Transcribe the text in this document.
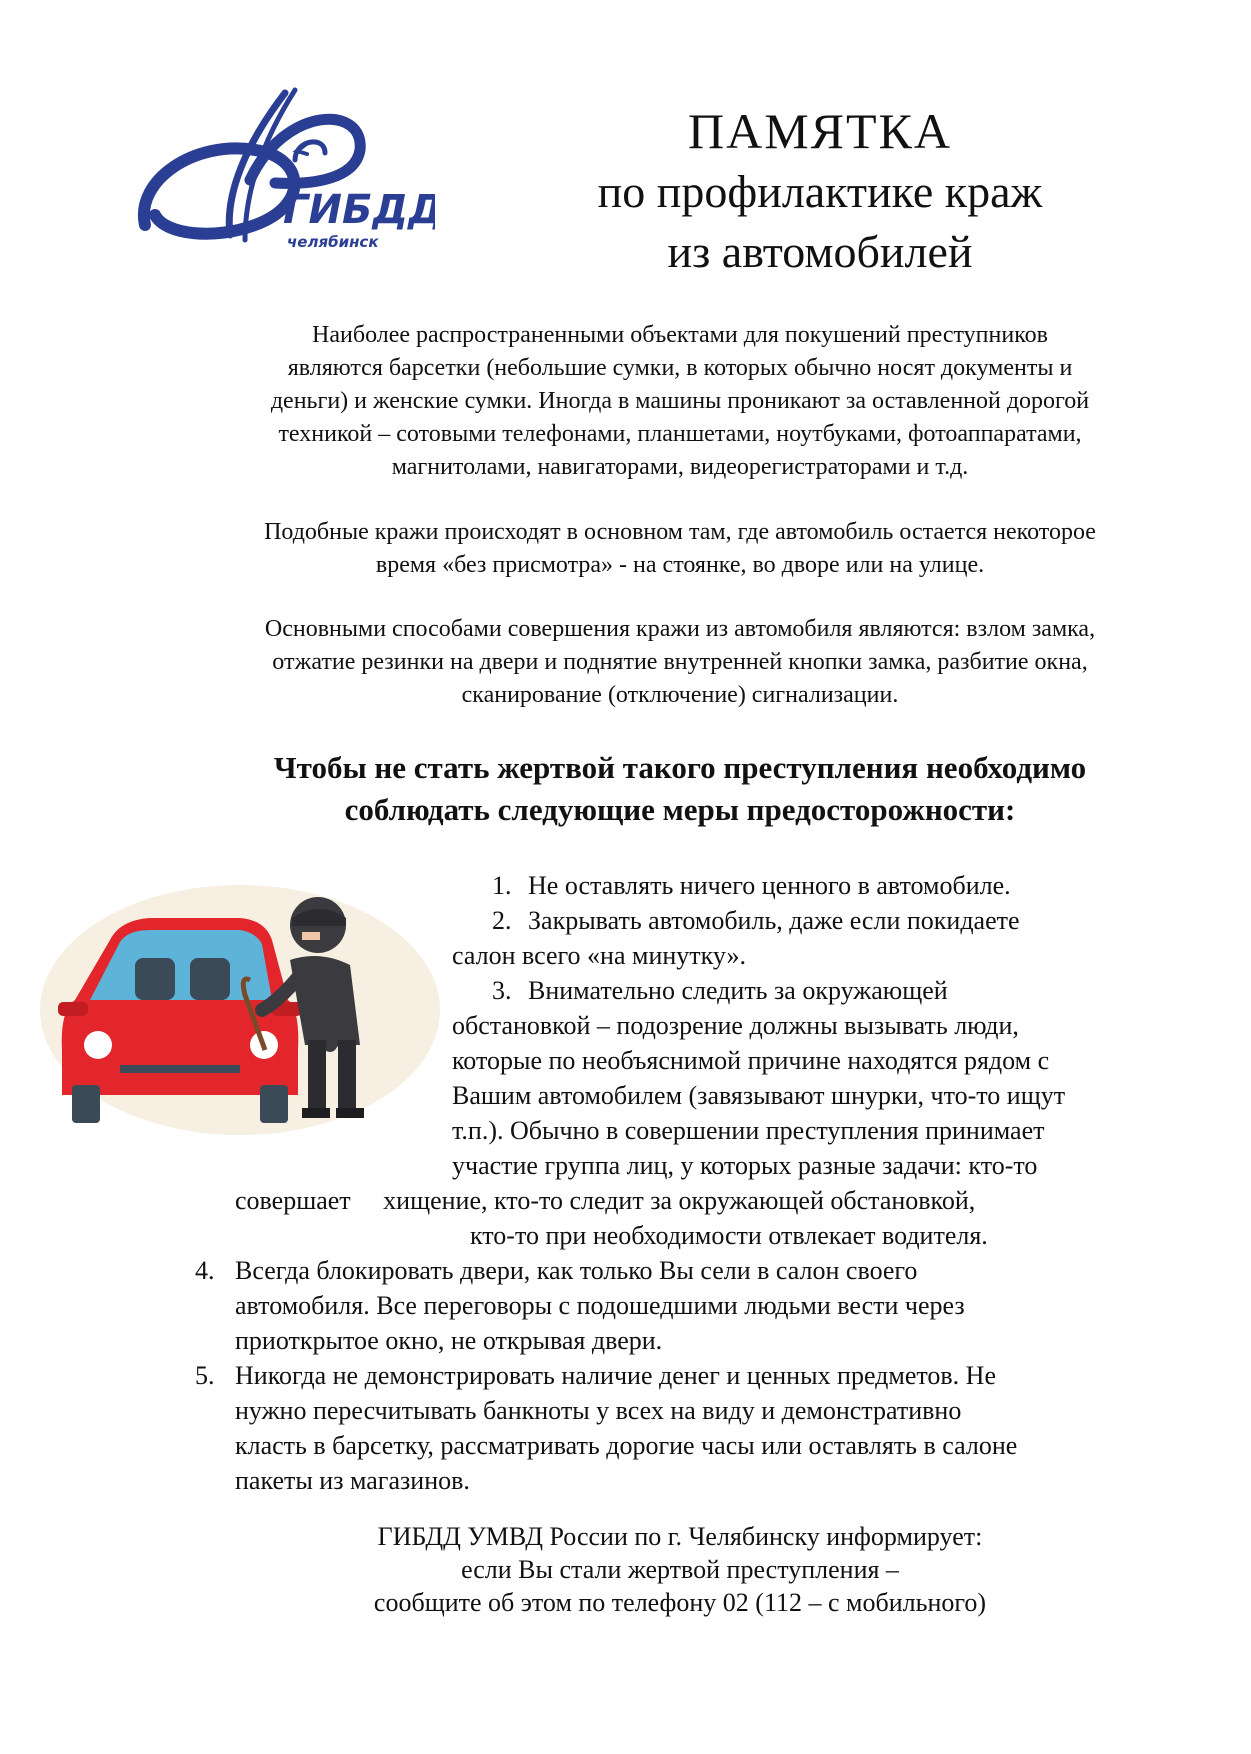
ГИБДД
челябинск
ПАМЯТКА
по профилактике краж
из автомобилей
Наиболее распространенными объектами для покушений преступников
являются барсетки (небольшие сумки, в которых обычно носят документы и
деньги) и женские сумки. Иногда в машины проникают за оставленной дорогой
техникой – сотовыми телефонами, планшетами, ноутбуками, фотоаппаратами,
магнитолами, навигаторами, видеорегистраторами и т.д.
Подобные кражи происходят в основном там, где автомобиль остается некоторое
время «без присмотра» - на стоянке, во дворе или на улице.
Основными способами совершения кражи из автомобиля являются: взлом замка,
отжатие резинки на двери и поднятие внутренней кнопки замка, разбитие окна,
сканирование (отключение) сигнализации.
Чтобы не стать жертвой такого преступления необходимо
соблюдать следующие меры предосторожности:
1. Не оставлять ничего ценного в автомобиле.
2. Закрывать автомобиль, даже если покидаете
салон всего «на минутку».
3. Внимательно следить за окружающей
обстановкой – подозрение должны вызывать люди,
которые по необъяснимой причине находятся рядом с
Вашим автомобилем (завязывают шнурки, что-то ищут
т.п.). Обычно в совершении преступления принимает
участие группа лиц, у которых разные задачи: кто-то
совершает     хищение, кто-то следит за окружающей обстановкой,
кто-то при необходимости отвлекает водителя.
4. Всегда блокировать двери, как только Вы сели в салон своего
автомобиля. Все переговоры с подошедшими людьми вести через
приоткрытое окно, не открывая двери.
5. Никогда не демонстрировать наличие денег и ценных предметов. Не
нужно пересчитывать банкноты у всех на виду и демонстративно
класть в барсетку, рассматривать дорогие часы или оставлять в салоне
пакеты из магазинов.
ГИБДД УМВД России по г. Челябинску информирует:
если Вы стали жертвой преступления –
сообщите об этом по телефону 02 (112 – с мобильного)
